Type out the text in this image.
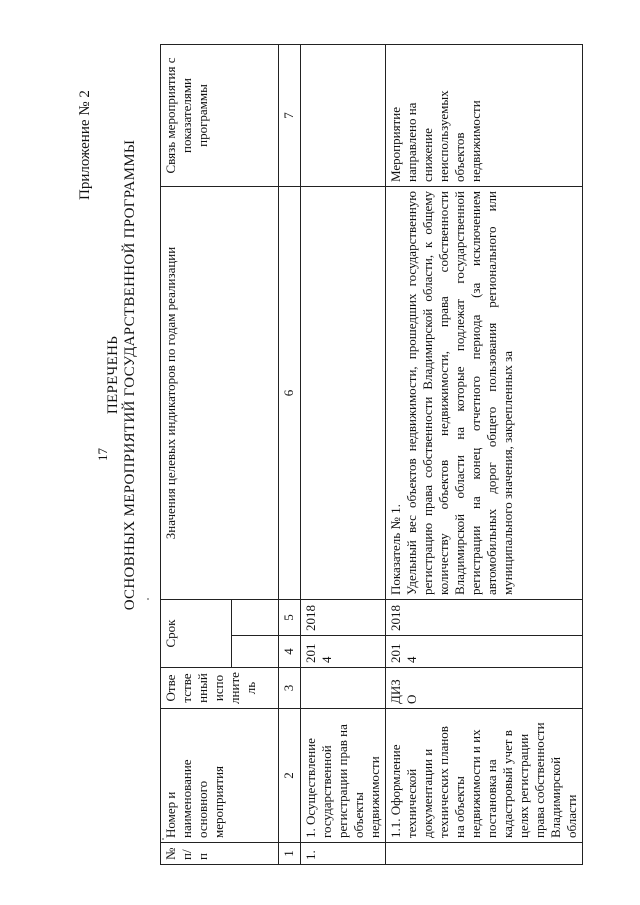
17
Приложение № 2
ПЕРЕЧЕНЬ ОСНОВНЫХ МЕРОПРИЯТИЙ ГОСУДАРСТВЕННОЙ ПРОГРАММЫ
№ п/п	Номер и наименование основного мероприятия	Ответственный исполнитель	Срок		Значения целевых индикаторов по годам реализации	Связь мероприятия с показателями программы

1	2	3	4	5	6	7
1.	1. Осуществление государственной регистрации прав на объекты недвижимости		2014	2018		
	1.1. Оформление технической документации и технических планов на объекты недвижимости и их постановка на кадастровый учет в целях регистрации права собственности Владимирской области	ДИЗО	2014	2018	Показатель № 1. Удельный вес объектов недвижимости, прошедших государственную регистрацию права собственности Владимирской области, к общему количеству объектов недвижимости, права собственности Владимирской области на которые подлежат государственной регистрации на конец отчетного периода (за исключением автомобильных дорог общего пользования регионального или муниципального значения, закрепленных за	Мероприятие направлено на снижение неиспользуемых объектов недвижимости
